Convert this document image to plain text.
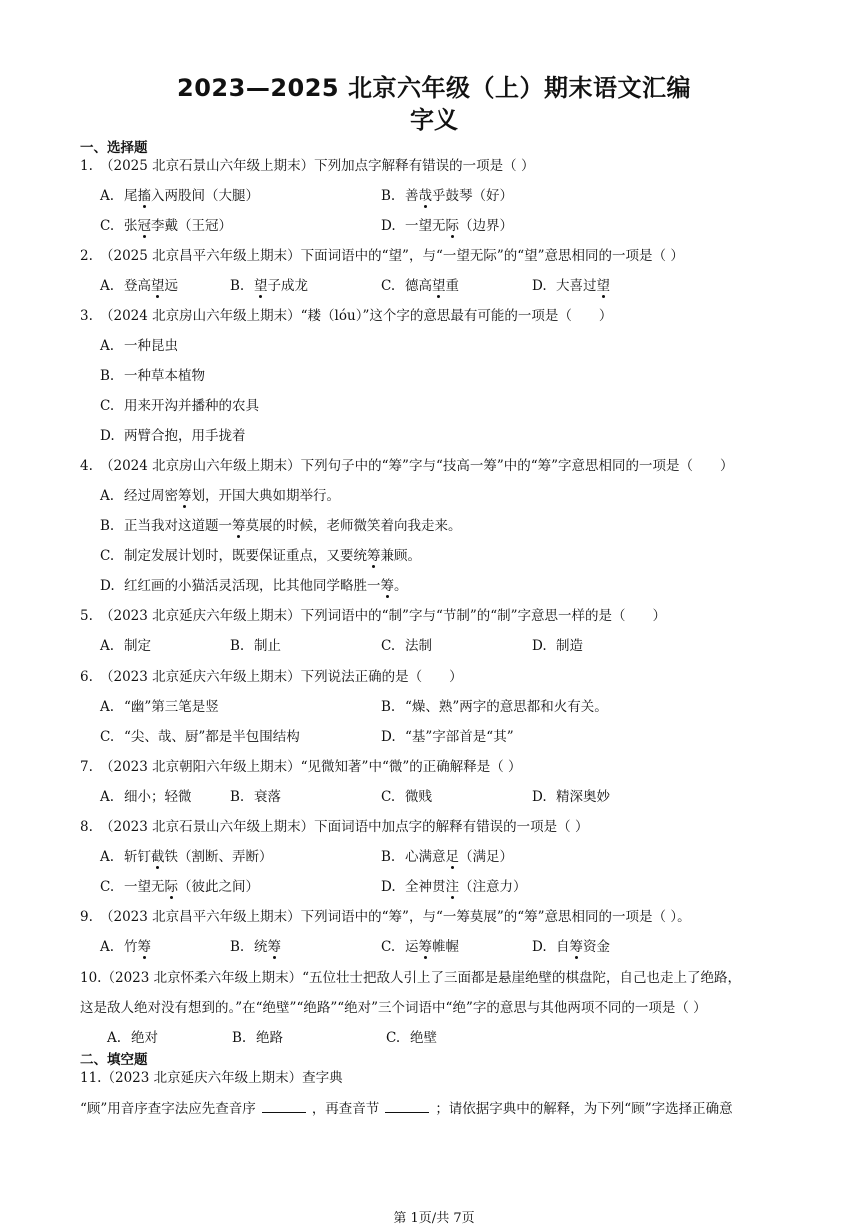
2023—2025 北京六年级（上）期末语文汇编
字义
一、选择题
1. （2025 北京石景山六年级上期末）下列加点字解释有错误的一项是（ ）
A. 尾搐入两股间（大腿）	B. 善哉乎鼓琴（好）
C. 张冠李戴（王冠）	D. 一望无际（边界）
2. （2025 北京昌平六年级上期末）下面词语中的“望”，与“一望无际”的“望”意思相同的一项是（ ）
A. 登高望远	B. 望子成龙	C. 德高望重	D. 大喜过望
3. （2024 北京房山六年级上期末）“耧（lóu）”这个字的意思最有可能的一项是（　　）
A. 一种昆虫
B. 一种草本植物
C. 用来开沟并播种的农具
D. 两臂合抱，用手拢着
4. （2024 北京房山六年级上期末）下列句子中的“筹”字与“技高一筹”中的“筹”字意思相同的一项是（　　）
A. 经过周密筹划，开国大典如期举行。
B. 正当我对这道题一筹莫展的时候，老师微笑着向我走来。
C. 制定发展计划时，既要保证重点，又要统筹兼顾。
D. 红红画的小猫活灵活现，比其他同学略胜一筹。
5. （2023 北京延庆六年级上期末）下列词语中的“制”字与“节制”的“制”字意思一样的是（　　）
A. 制定	B. 制止	C. 法制	D. 制造
6. （2023 北京延庆六年级上期末）下列说法正确的是（　　）
A. “幽”第三笔是竖	B. “燥、熟”两字的意思都和火有关。
C. “尖、哉、厨”都是半包围结构	D. “基”字部首是“其”
7. （2023 北京朝阳六年级上期末）“见微知著”中“微”的正确解释是（ ）
A. 细小；轻微	B. 衰落	C. 微贱	D. 精深奥妙
8. （2023 北京石景山六年级上期末）下面词语中加点字的解释有错误的一项是（ ）
A. 斩钉截铁（割断、弄断）	B. 心满意足（满足）
C. 一望无际（彼此之间）	D. 全神贯注（注意力）
9. （2023 北京昌平六年级上期末）下列词语中的“筹”，与“一筹莫展”的“筹”意思相同的一项是（ ）。
A. 竹筹	B. 统筹	C. 运筹帷幄	D. 自筹资金
10.（2023 北京怀柔六年级上期末）“五位壮士把敌人引上了三面都是悬崖绝壁的棋盘陀，自己也走上了绝路，
这是敌人绝对没有想到的。”在“绝壁”“绝路”“绝对”三个词语中“绝”字的意思与其他两项不同的一项是（ ）
A. 绝对	B. 绝路	C. 绝壁
二、填空题
11.（2023 北京延庆六年级上期末）查字典
“顾”用音序查字法应先查音序	，再查音节	；请依据字典中的解释，为下列“顾”字选择正确意
第 1页/共 7页
